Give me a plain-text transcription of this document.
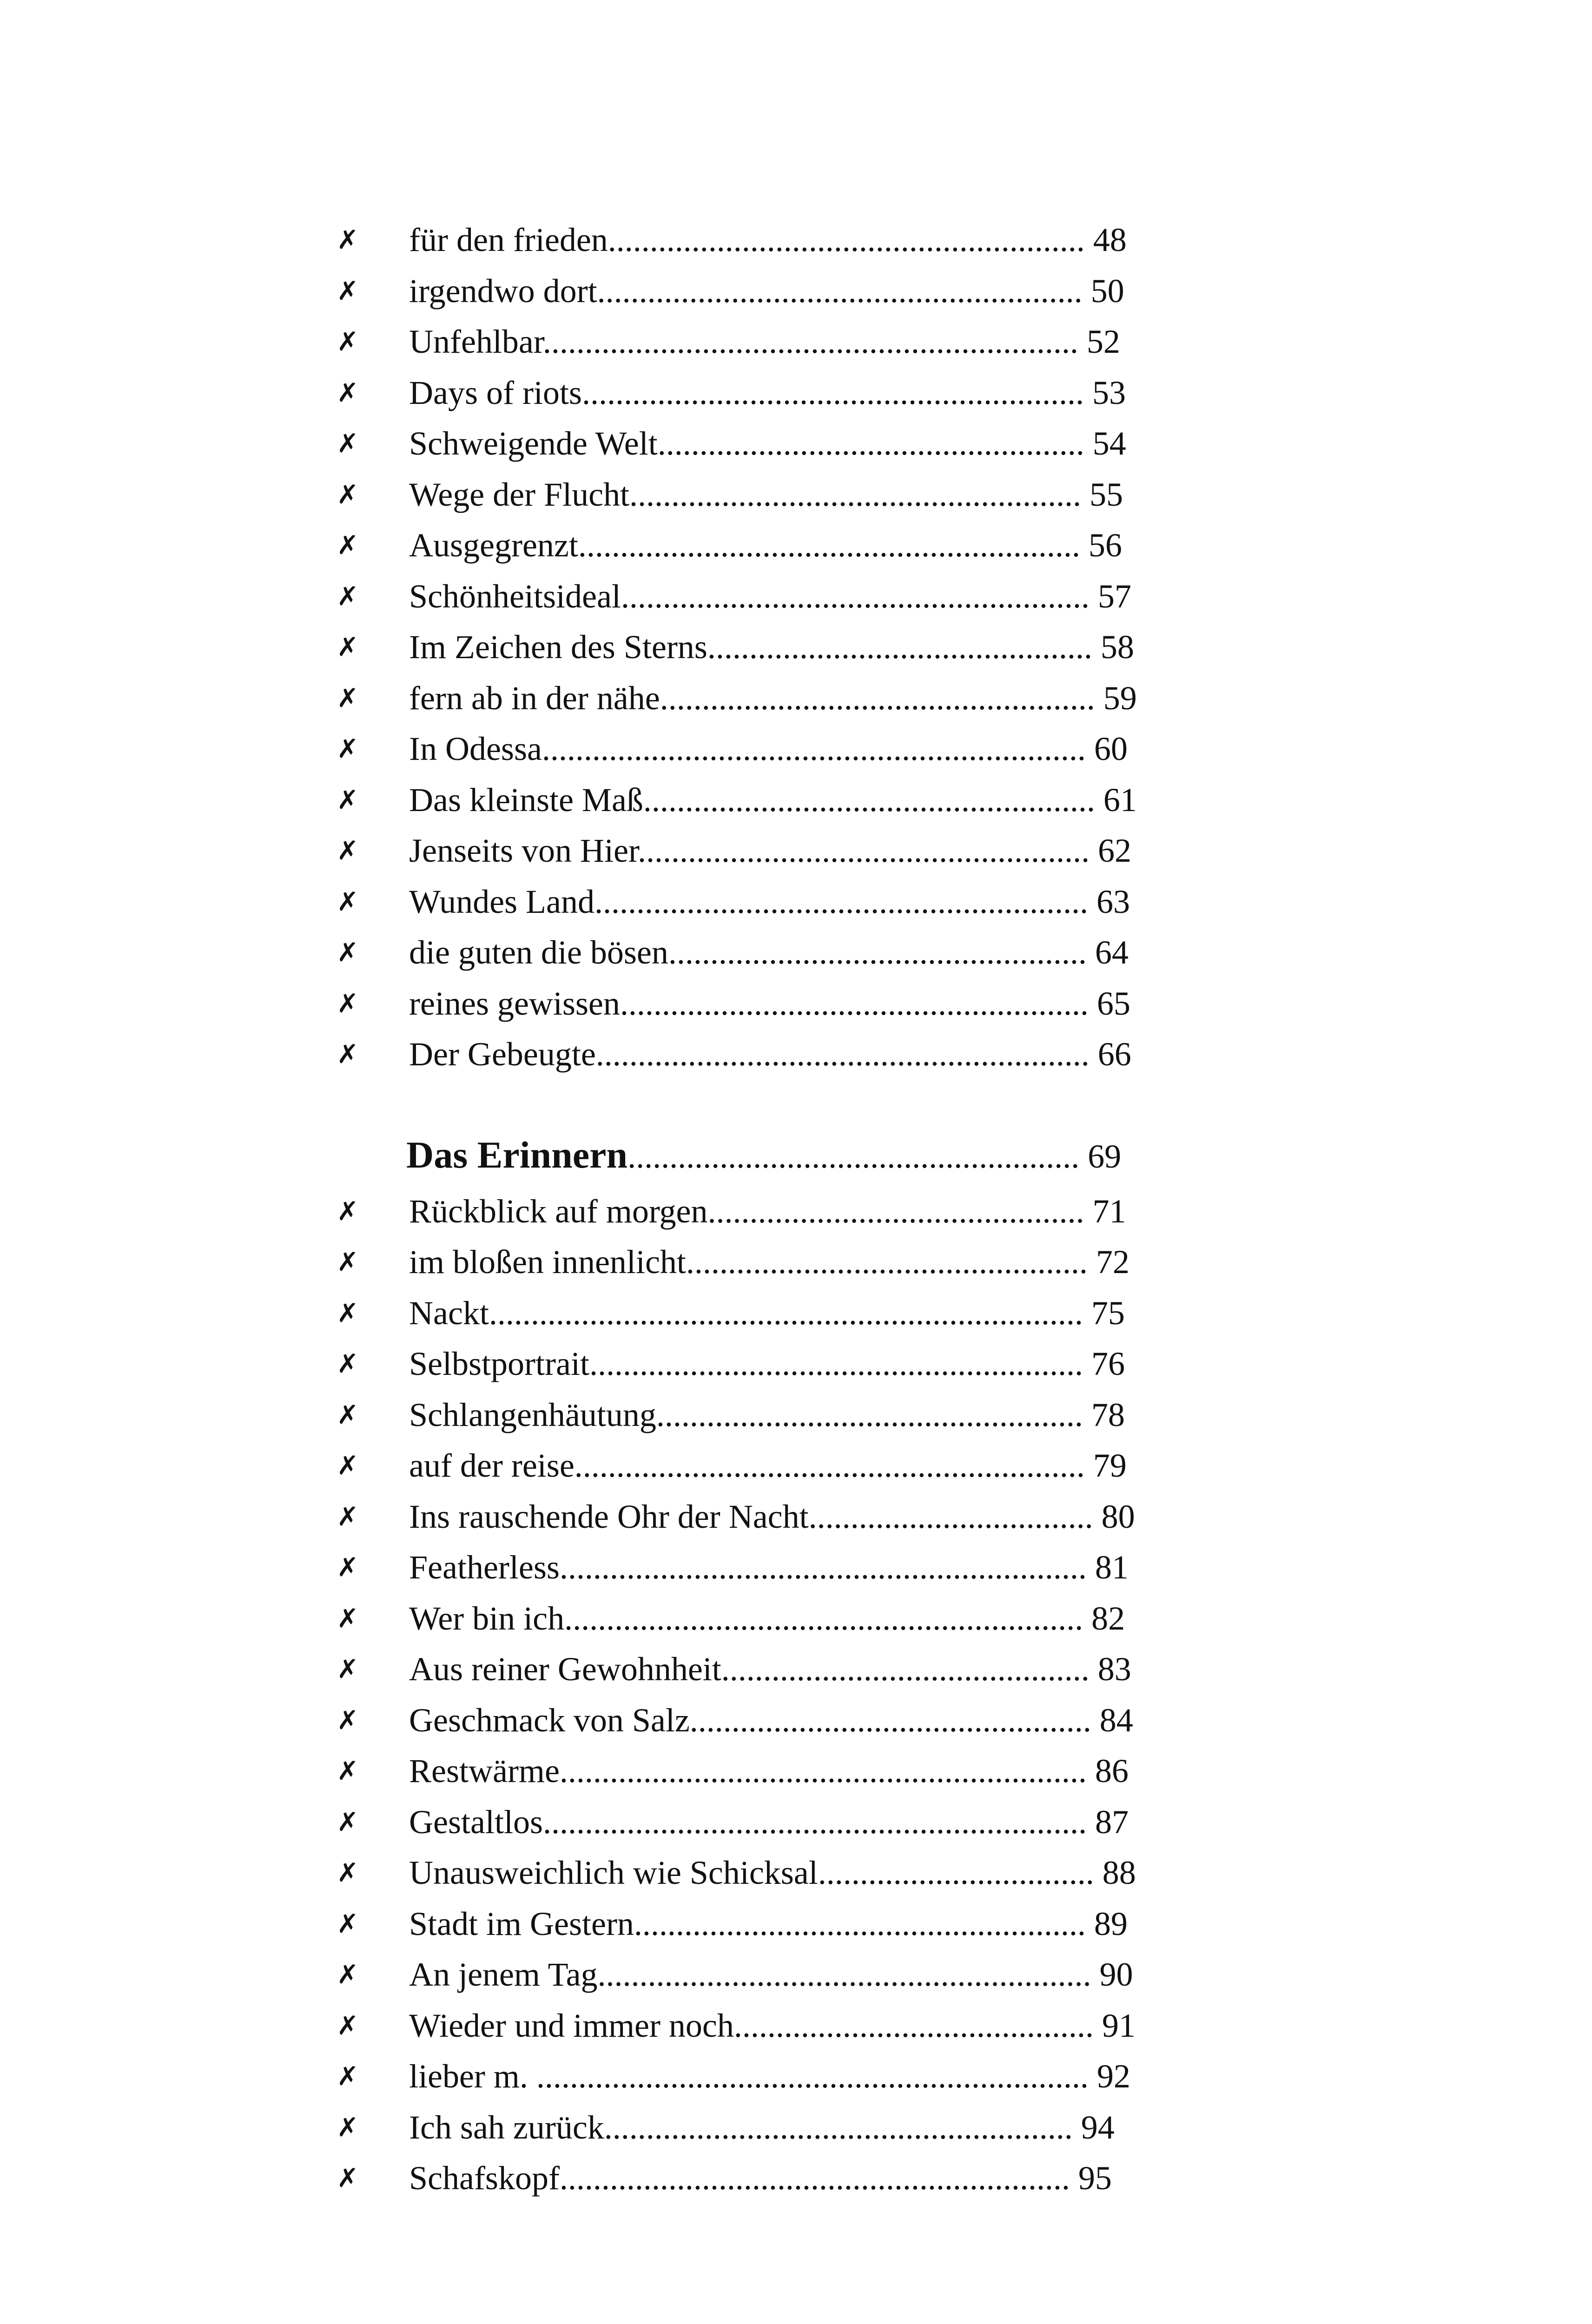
✗ für den frieden......................................................... 48
✗ irgendwo dort.......................................................... 50
✗ Unfehlbar................................................................ 52
✗ Days of riots............................................................ 53
✗ Schweigende Welt................................................... 54
✗ Wege der Flucht...................................................... 55
✗ Ausgegrenzt............................................................ 56
✗ Schönheitsideal........................................................ 57
✗ Im Zeichen des Sterns.............................................. 58
✗ fern ab in der nähe.................................................... 59
✗ In Odessa................................................................. 60
✗ Das kleinste Maß...................................................... 61
✗ Jenseits von Hier...................................................... 62
✗ Wundes Land........................................................... 63
✗ die guten die bösen.................................................. 64
✗ reines gewissen........................................................ 65
✗ Der Gebeugte........................................................... 66
Das Erinnern...................................................... 69
✗ Rückblick auf morgen............................................. 71
✗ im bloßen innenlicht................................................ 72
✗ Nackt....................................................................... 75
✗ Selbstportrait........................................................... 76
✗ Schlangenhäutung................................................... 78
✗ auf der reise............................................................. 79
✗ Ins rauschende Ohr der Nacht.................................. 80
✗ Featherless............................................................... 81
✗ Wer bin ich.............................................................. 82
✗ Aus reiner Gewohnheit............................................ 83
✗ Geschmack von Salz................................................ 84
✗ Restwärme............................................................... 86
✗ Gestaltlos................................................................. 87
✗ Unausweichlich wie Schicksal................................. 88
✗ Stadt im Gestern...................................................... 89
✗ An jenem Tag........................................................... 90
✗ Wieder und immer noch........................................... 91
✗ lieber m. .................................................................. 92
✗ Ich sah zurück........................................................ 94
✗ Schafskopf............................................................. 95
